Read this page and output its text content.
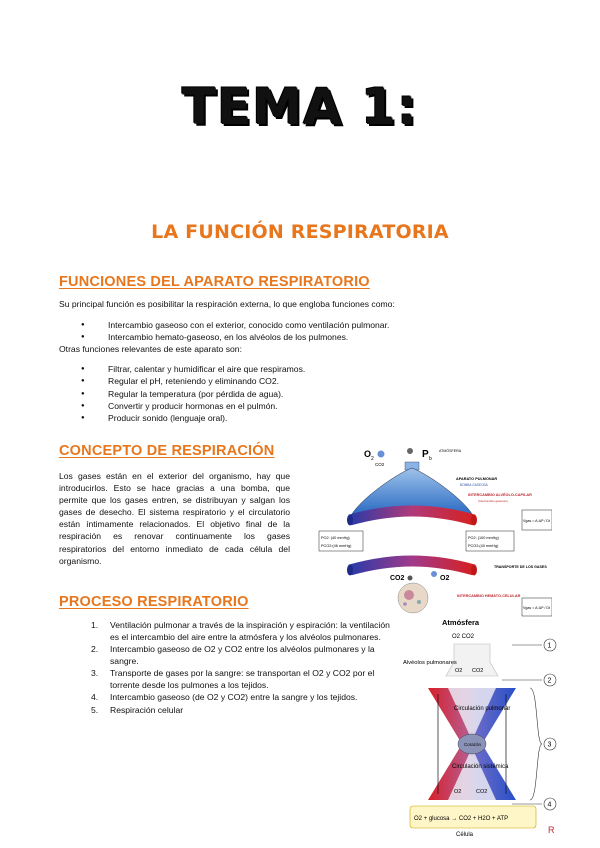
TEMA 1:
LA FUNCIÓN RESPIRATORIA
FUNCIONES DEL APARATO RESPIRATORIO
Su principal función es posibilitar la respiración externa, lo que engloba funciones como:
● Intercambio gaseoso con el exterior, conocido como ventilación pulmonar.
● Intercambio hemato-gaseoso, en los alvéolos de los pulmones.
Otras funciones relevantes de este aparato son:
● Filtrar, calentar y humidificar el aire que respiramos.
● Regular el pH, reteniendo y eliminando CO2.
● Regular la temperatura (por pérdida de agua).
● Convertir y producir hormonas en el pulmón.
● Producir sonido (lenguaje oral).
CONCEPTO DE RESPIRACIÓN
Los gases están en el exterior del organismo, hay que introducirlos. Esto se hace gracias a una bomba, que permite que los gases entren, se distribuyan y salgan los gases de desecho. El sistema respiratorio y el circulatorio están íntimamente relacionados. El objetivo final de la respiración es renovar continuamente los gases respiratorios del entorno inmediato de cada célula del organismo.
O 2
CO2
P b
ATMÓSFERA
APARATO PULMONAR
BOMBA GASEOSA
INTERCAMBIO ALVÉOLO-CAPILAR
(Intercambio gaseoso)
PO2: (40 mmHg)
PCO2:(46 mmHg)
PO2: (100 mmHg)
PCO2:(40 mmHg)
V̇gas = A·ΔP / Dt
TRANSPORTE DE LOS GASES
CO2	O2
INTERCAMBIO HEMATO-CELULAR
V̇gas = A·ΔP / Dt
PROCESO RESPIRATORIO
1. Ventilación pulmonar a través de la inspiración y espiración: la ventilación es el intercambio del aire entre la atmósfera y los alvéolos pulmonares.
2. Intercambio gaseoso de O2 y CO2 entre los alvéolos pulmonares y la sangre.
3. Transporte de gases por la sangre: se transportan el O2 y CO2 por el torrente desde los pulmones a los tejidos.
4. Intercambio gaseoso (de O2 y CO2) entre la sangre y los tejidos.
5. Respiración celular
Atmósfera
O2 CO2
Alvéolos pulmonares
O2 CO2
Circulación pulmonar
Corazón
Circulación sistémica
O2	CO2
O2 + glucosa → CO2 + H2O + ATP
Célula
1
2
3
4
R
